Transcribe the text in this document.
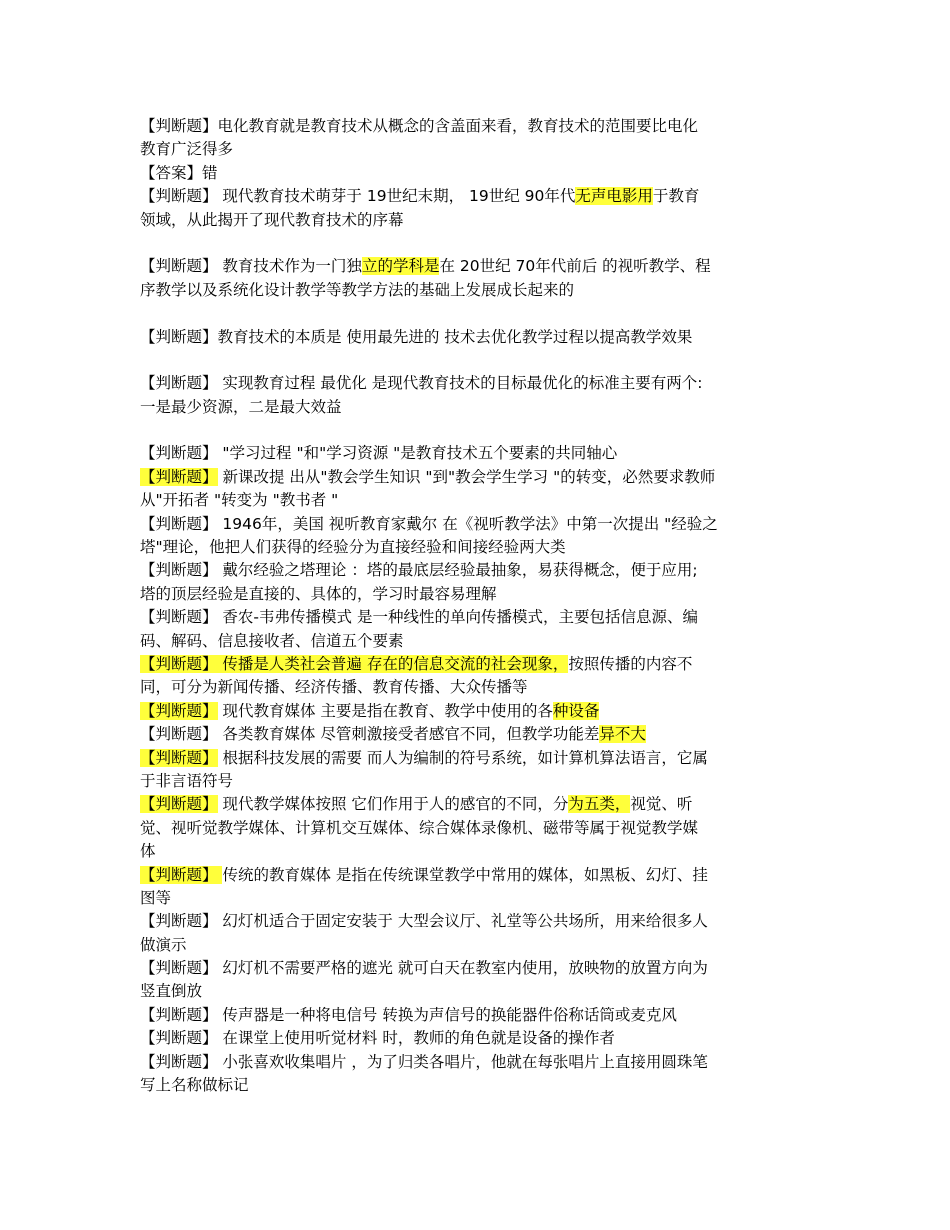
【判断题】电化教育就是教育技术从概念的含盖面来看，教育技术的范围要比电化
教育广泛得多
【答案】错
【判断题】 现代教育技术萌芽于 19世纪末期， 19世纪 90年代无声电影用于教育
领域，从此揭开了现代教育技术的序幕
【判断题】 教育技术作为一门独立的学科是在 20世纪 70年代前后 的视听教学、程
序教学以及系统化设计教学等教学方法的基础上发展成长起来的
【判断题】教育技术的本质是 使用最先进的 技术去优化教学过程以提高教学效果
【判断题】 实现教育过程 最优化 是现代教育技术的目标最优化的标准主要有两个:
一是最少资源，二是最大效益
【判断题】 "学习过程 "和"学习资源 "是教育技术五个要素的共同轴心
【判断题】 新课改提 出从"教会学生知识 "到"教会学生学习 "的转变，必然要求教师
从"开拓者 "转变为 "教书者 "
【判断题】 1946年，美国 视听教育家戴尔 在《视听教学法》中第一次提出 "经验之
塔"理论，他把人们获得的经验分为直接经验和间接经验两大类
【判断题】 戴尔经验之塔理论 ：塔的最底层经验最抽象，易获得概念，便于应用;
塔的顶层经验是直接的、具体的，学习时最容易理解
【判断题】 香农-韦弗传播模式 是一种线性的单向传播模式，主要包括信息源、编
码、解码、信息接收者、信道五个要素
【判断题】 传播是人类社会普遍 存在的信息交流的社会现象，按照传播的内容不
同，可分为新闻传播、经济传播、教育传播、大众传播等
【判断题】 现代教育媒体 主要是指在教育、教学中使用的各种设备
【判断题】 各类教育媒体 尽管刺激接受者感官不同，但教学功能差异不大
【判断题】 根据科技发展的需要 而人为编制的符号系统，如计算机算法语言，它属
于非言语符号
【判断题】 现代教学媒体按照 它们作用于人的感官的不同，分为五类，视觉、听
觉、视听觉教学媒体、计算机交互媒体、综合媒体录像机、磁带等属于视觉教学媒
体
【判断题】 传统的教育媒体 是指在传统课堂教学中常用的媒体，如黑板、幻灯、挂
图等
【判断题】 幻灯机适合于固定安装于 大型会议厅、礼堂等公共场所，用来给很多人
做演示
【判断题】 幻灯机不需要严格的遮光 就可白天在教室内使用，放映物的放置方向为
竖直倒放
【判断题】 传声器是一种将电信号 转换为声信号的换能器件俗称话筒或麦克风
【判断题】 在课堂上使用听觉材料 时，教师的角色就是设备的操作者
【判断题】 小张喜欢收集唱片 ，为了归类各唱片，他就在每张唱片上直接用圆珠笔
写上名称做标记
